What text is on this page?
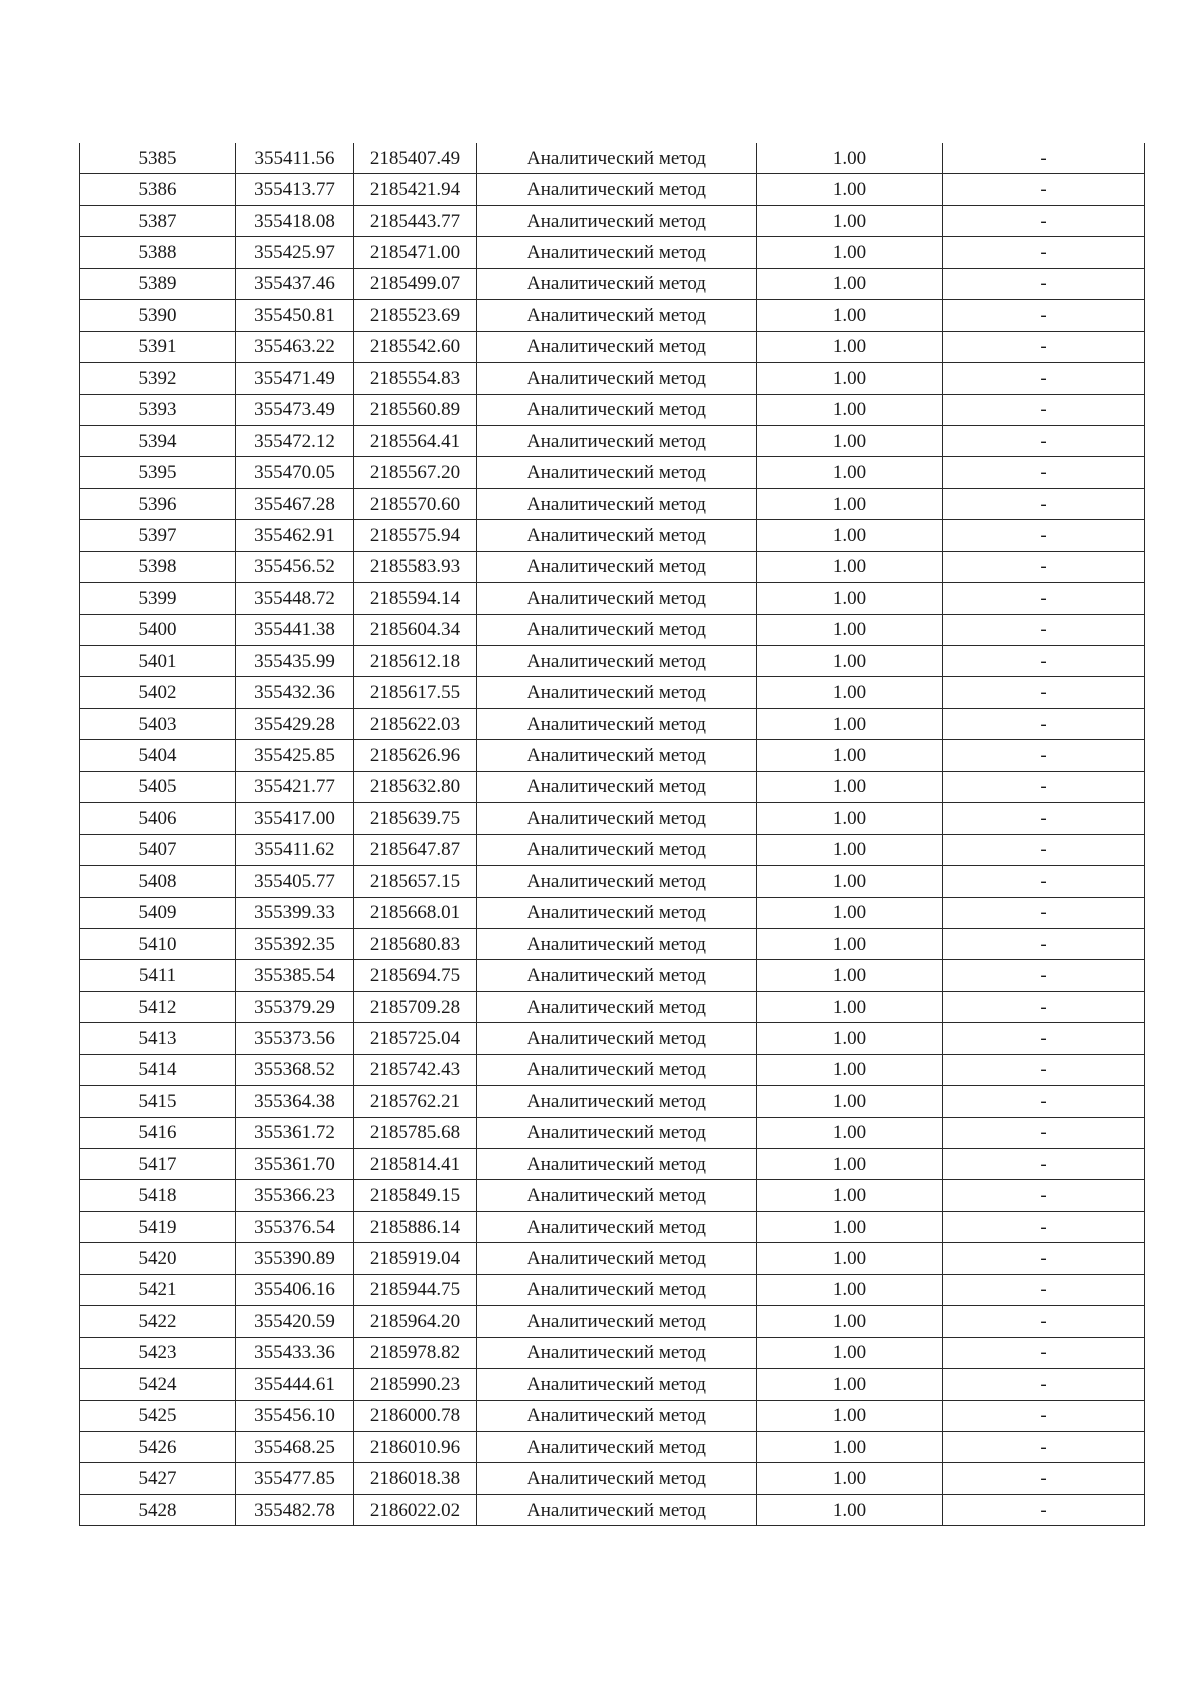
5385	355411.56	2185407.49	Аналитический метод	1.00	-
5386	355413.77	2185421.94	Аналитический метод	1.00	-
5387	355418.08	2185443.77	Аналитический метод	1.00	-
5388	355425.97	2185471.00	Аналитический метод	1.00	-
5389	355437.46	2185499.07	Аналитический метод	1.00	-
5390	355450.81	2185523.69	Аналитический метод	1.00	-
5391	355463.22	2185542.60	Аналитический метод	1.00	-
5392	355471.49	2185554.83	Аналитический метод	1.00	-
5393	355473.49	2185560.89	Аналитический метод	1.00	-
5394	355472.12	2185564.41	Аналитический метод	1.00	-
5395	355470.05	2185567.20	Аналитический метод	1.00	-
5396	355467.28	2185570.60	Аналитический метод	1.00	-
5397	355462.91	2185575.94	Аналитический метод	1.00	-
5398	355456.52	2185583.93	Аналитический метод	1.00	-
5399	355448.72	2185594.14	Аналитический метод	1.00	-
5400	355441.38	2185604.34	Аналитический метод	1.00	-
5401	355435.99	2185612.18	Аналитический метод	1.00	-
5402	355432.36	2185617.55	Аналитический метод	1.00	-
5403	355429.28	2185622.03	Аналитический метод	1.00	-
5404	355425.85	2185626.96	Аналитический метод	1.00	-
5405	355421.77	2185632.80	Аналитический метод	1.00	-
5406	355417.00	2185639.75	Аналитический метод	1.00	-
5407	355411.62	2185647.87	Аналитический метод	1.00	-
5408	355405.77	2185657.15	Аналитический метод	1.00	-
5409	355399.33	2185668.01	Аналитический метод	1.00	-
5410	355392.35	2185680.83	Аналитический метод	1.00	-
5411	355385.54	2185694.75	Аналитический метод	1.00	-
5412	355379.29	2185709.28	Аналитический метод	1.00	-
5413	355373.56	2185725.04	Аналитический метод	1.00	-
5414	355368.52	2185742.43	Аналитический метод	1.00	-
5415	355364.38	2185762.21	Аналитический метод	1.00	-
5416	355361.72	2185785.68	Аналитический метод	1.00	-
5417	355361.70	2185814.41	Аналитический метод	1.00	-
5418	355366.23	2185849.15	Аналитический метод	1.00	-
5419	355376.54	2185886.14	Аналитический метод	1.00	-
5420	355390.89	2185919.04	Аналитический метод	1.00	-
5421	355406.16	2185944.75	Аналитический метод	1.00	-
5422	355420.59	2185964.20	Аналитический метод	1.00	-
5423	355433.36	2185978.82	Аналитический метод	1.00	-
5424	355444.61	2185990.23	Аналитический метод	1.00	-
5425	355456.10	2186000.78	Аналитический метод	1.00	-
5426	355468.25	2186010.96	Аналитический метод	1.00	-
5427	355477.85	2186018.38	Аналитический метод	1.00	-
5428	355482.78	2186022.02	Аналитический метод	1.00	-
